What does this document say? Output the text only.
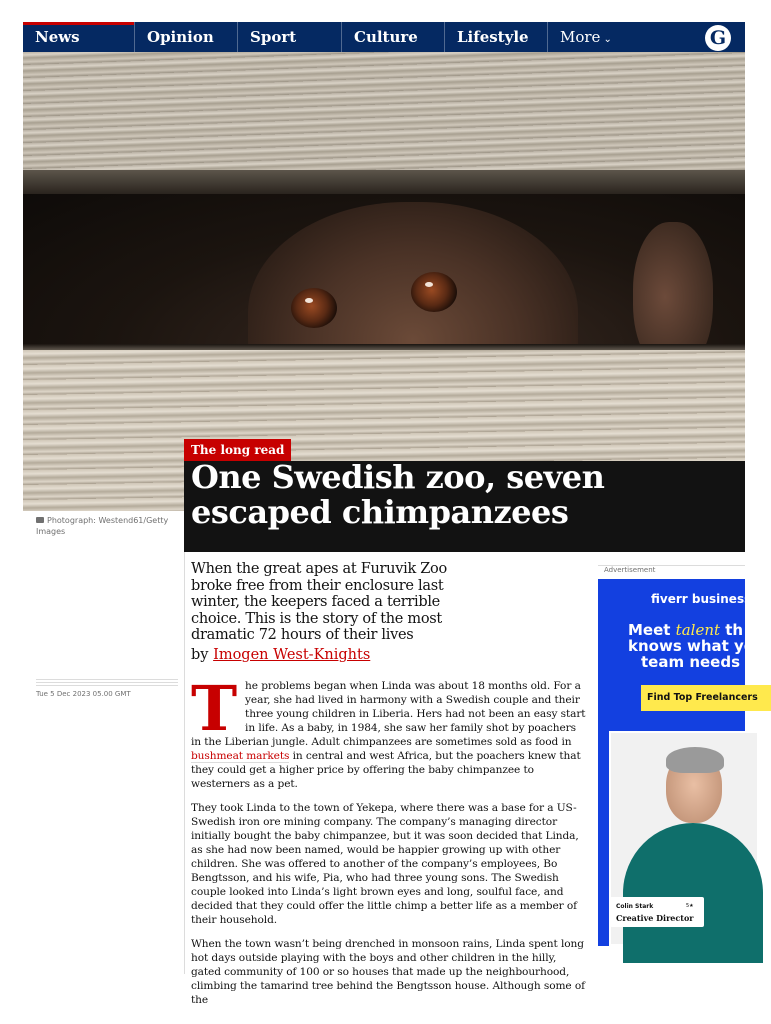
News	Opinion	Sport	Culture	Lifestyle	More ⌄	G
The long read
One Swedish zoo, seven escaped chimpanzees
Photograph: Westend61/Getty Images
Tue 5 Dec 2023 05.00 GMT

When the great apes at Furuvik Zoo broke free from their enclosure last winter, the keepers faced a terrible choice. This is the story of the most dramatic 72 hours of their lives

by Imogen West-Knights

The problems began when Linda was about 18 months old. For a year, she had lived in harmony with a Swedish couple and their three young children in Liberia. Hers had not been an easy start in life. As a baby, in 1984, she saw her family shot by poachers in the Liberian jungle. Adult chimpanzees are sometimes sold as food in bushmeat markets in central and west Africa, but the poachers knew that they could get a higher price by offering the baby chimpanzee to westerners as a pet.

They took Linda to the town of Yekepa, where there was a base for a US-Swedish iron ore mining company. The company’s managing director initially bought the baby chimpanzee, but it was soon decided that Linda, as she had now been named, would be happier growing up with other children. She was offered to another of the company’s employees, Bo Bengtsson, and his wife, Pia, who had three young sons. The Swedish couple looked into Linda’s light brown eyes and long, soulful face, and decided that they could offer the little chimp a better life as a member of their household.

When the town wasn’t being drenched in monsoon rains, Linda spent long hot days outside playing with the boys and other children in the hilly, gated community of 100 or so houses that made up the neighbourhood, climbing the tamarind tree behind the Bengtsson house. Although some of the

Advertisement
fiverr business.
Meet talent th
knows what yo
team needs
Find Top Freelancers
Colin Stark	5★
Creative Director
